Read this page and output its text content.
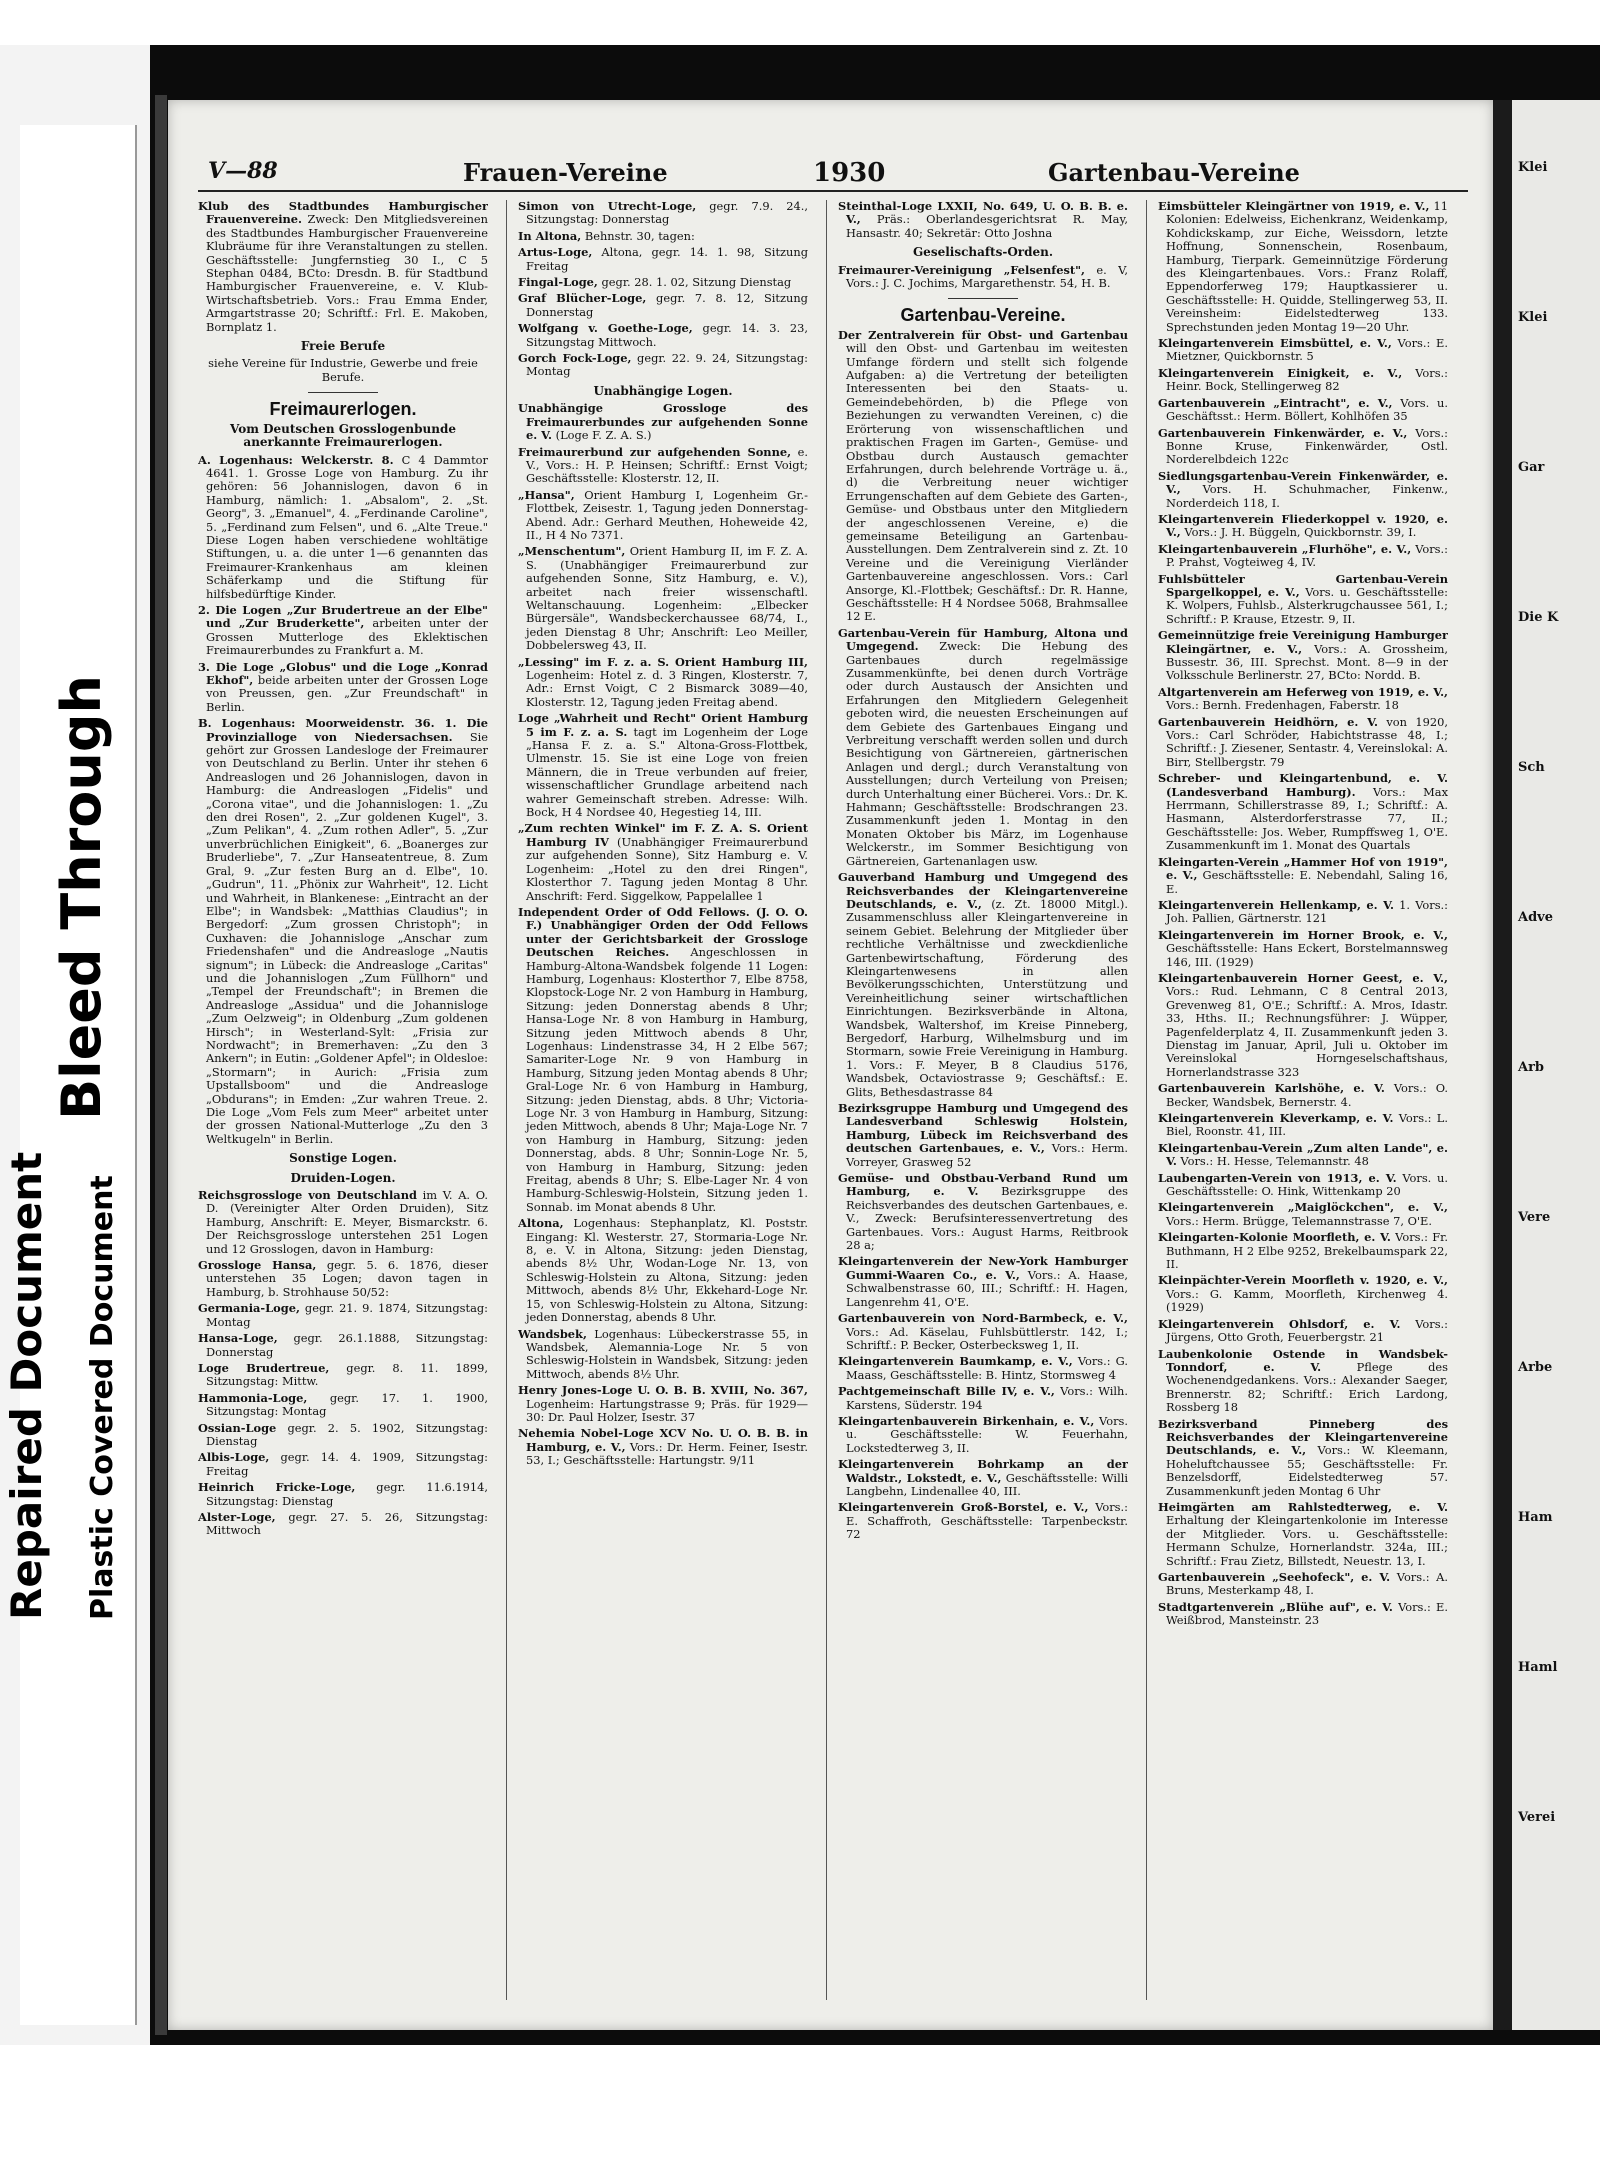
Bleed Through
Repaired Document Plastic Covered Document
Klei
Klei
Gar
Die K
Sch
Adve
Arb
Vere
Arbe
Ham
Haml
Verei
V—88	Frauen-Vereine	1930	Gartenbau-Vereine
Klub des Stadtbundes Hamburgischer Frauenvereine. Zweck: Den Mitgliedsvereinen des Stadtbundes Hamburgischer Frauenvereine Klubräume für ihre Veranstaltungen zu stellen. Geschäftsstelle: Jungfernstieg 30 I., C 5 Stephan 0484, BCto: Dresdn. B. für Stadtbund Hamburgischer Frauenvereine, e. V. Klub-Wirtschaftsbetrieb. Vors.: Frau Emma Ender, Armgartstrasse 20; Schriftf.: Frl. E. Makoben, Bornplatz 1.
Freie Berufe
siehe Vereine für Industrie, Gewerbe und freie Berufe.
Freimaurerlogen.
Vom Deutschen Grosslogenbunde anerkannte Freimaurerlogen.
A. Logenhaus: Welckerstr. 8. C 4 Dammtor 4641. 1. Grosse Loge von Hamburg. Zu ihr gehören: 56 Johannislogen, davon 6 in Hamburg, nämlich: 1. „Absalom", 2. „St. Georg", 3. „Emanuel", 4. „Ferdinande Caroline", 5. „Ferdinand zum Felsen", und 6. „Alte Treue." Diese Logen haben verschiedene wohltätige Stiftungen, u. a. die unter 1—6 genannten das Freimaurer-Krankenhaus am kleinen Schäferkamp und die Stiftung für hilfsbedürftige Kinder.
2. Die Logen „Zur Brudertreue an der Elbe" und „Zur Bruderkette", arbeiten unter der Grossen Mutterloge des Eklektischen Freimaurerbundes zu Frankfurt a. M.
3. Die Loge „Globus" und die Loge „Konrad Ekhof", beide arbeiten unter der Grossen Loge von Preussen, gen. „Zur Freundschaft" in Berlin.
B. Logenhaus: Moorweidenstr. 36. 1. Die Provinzialloge von Niedersachsen. Sie gehört zur Grossen Landesloge der Freimaurer von Deutschland zu Berlin. Unter ihr stehen 6 Andreaslogen und 26 Johannislogen, davon in Hamburg: die Andreaslogen „Fidelis" und „Corona vitae", und die Johannislogen: 1. „Zu den drei Rosen", 2. „Zur goldenen Kugel", 3. „Zum Pelikan", 4. „Zum rothen Adler", 5. „Zur unverbrüchlichen Einigkeit", 6. „Boanerges zur Bruderliebe", 7. „Zur Hanseatentreue, 8. Zum Gral, 9. „Zur festen Burg an d. Elbe", 10. „Gudrun", 11. „Phönix zur Wahrheit", 12. Licht und Wahrheit, in Blankenese: „Eintracht an der Elbe"; in Wandsbek: „Matthias Claudius"; in Bergedorf: „Zum grossen Christoph"; in Cuxhaven: die Johannisloge „Anschar zum Friedenshafen" und die Andreasloge „Nautis signum"; in Lübeck: die Andreasloge „Caritas" und die Johannislogen „Zum Füllhorn" und „Tempel der Freundschaft"; in Bremen die Andreasloge „Assidua" und die Johannisloge „Zum Oelzweig"; in Oldenburg „Zum goldenen Hirsch"; in Westerland-Sylt: „Frisia zur Nordwacht"; in Bremerhaven: „Zu den 3 Ankern"; in Eutin: „Goldener Apfel"; in Oldesloe: „Stormarn"; in Aurich: „Frisia zum Upstallsboom" und die Andreasloge „Obdurans"; in Emden: „Zur wahren Treue. 2. Die Loge „Vom Fels zum Meer" arbeitet unter der grossen National-Mutterloge „Zu den 3 Weltkugeln" in Berlin.
Sonstige Logen.
Druiden-Logen.
Reichsgrossloge von Deutschland im V. A. O. D. (Vereinigter Alter Orden Druiden), Sitz Hamburg, Anschrift: E. Meyer, Bismarckstr. 6. Der Reichsgrossloge unterstehen 251 Logen und 12 Grosslogen, davon in Hamburg:
Grossloge Hansa, gegr. 5. 6. 1876, dieser unterstehen 35 Logen; davon tagen in Hamburg, b. Strohhause 50/52:
Germania-Loge, gegr. 21. 9. 1874, Sitzungstag: Montag
Hansa-Loge, gegr. 26.1.1888, Sitzungstag: Donnerstag
Loge Brudertreue, gegr. 8. 11. 1899, Sitzungstag: Mittw.
Hammonia-Loge, gegr. 17. 1. 1900, Sitzungstag: Montag
Ossian-Loge gegr. 2. 5. 1902, Sitzungstag: Dienstag
Albis-Loge, gegr. 14. 4. 1909, Sitzungstag: Freitag
Heinrich Fricke-Loge, gegr. 11.6.1914, Sitzungstag: Dienstag
Alster-Loge, gegr. 27. 5. 26, Sitzungstag: Mittwoch
Simon von Utrecht-Loge, gegr. 7.9. 24., Sitzungstag: Donnerstag
In Altona, Behnstr. 30, tagen:
Artus-Loge, Altona, gegr. 14. 1. 98, Sitzung Freitag
Fingal-Loge, gegr. 28. 1. 02, Sitzung Dienstag
Graf Blücher-Loge, gegr. 7. 8. 12, Sitzung Donnerstag
Wolfgang v. Goethe-Loge, gegr. 14. 3. 23, Sitzungstag Mittwoch.
Gorch Fock-Loge, gegr. 22. 9. 24, Sitzungstag: Montag
Unabhängige Logen.
Unabhängige Grossloge des Freimaurerbundes zur aufgehenden Sonne e. V. (Loge F. Z. A. S.)
Freimaurerbund zur aufgehenden Sonne, e. V., Vors.: H. P. Heinsen; Schriftf.: Ernst Voigt; Geschäftsstelle: Klosterstr. 12, II.
„Hansa", Orient Hamburg I, Logenheim Gr.-Flottbek, Zeisestr. 1, Tagung jeden Donnerstag-Abend. Adr.: Gerhard Meuthen, Hoheweide 42, II., H 4 No 7371.
„Menschentum", Orient Hamburg II, im F. Z. A. S. (Unabhängiger Freimaurerbund zur aufgehenden Sonne, Sitz Hamburg, e. V.), arbeitet nach freier wissenschaftl. Weltanschauung. Logenheim: „Elbecker Bürgersäle", Wandsbeckerchaussee 68/74, I., jeden Dienstag 8 Uhr; Anschrift: Leo Meiller, Dobbelersweg 43, II.
„Lessing" im F. z. a. S. Orient Hamburg III, Logenheim: Hotel z. d. 3 Ringen, Klosterstr. 7, Adr.: Ernst Voigt, C 2 Bismarck 3089—40, Klosterstr. 12, Tagung jeden Freitag abend.
Loge „Wahrheit und Recht" Orient Hamburg 5 im F. z. a. S. tagt im Logenheim der Loge „Hansa F. z. a. S." Altona-Gross-Flottbek, Ulmenstr. 15. Sie ist eine Loge von freien Männern, die in Treue verbunden auf freier, wissenschaftlicher Grundlage arbeitend nach wahrer Gemeinschaft streben. Adresse: Wilh. Bock, H 4 Nordsee 40, Hegestieg 14, III.
„Zum rechten Winkel" im F. Z. A. S. Orient Hamburg IV (Unabhängiger Freimaurerbund zur aufgehenden Sonne), Sitz Hamburg e. V. Logenheim: „Hotel zu den drei Ringen", Klosterthor 7. Tagung jeden Montag 8 Uhr. Anschrift: Ferd. Siggelkow, Pappelallee 1
Independent Order of Odd Fellows. (J. O. O. F.) Unabhängiger Orden der Odd Fellows unter der Gerichtsbarkeit der Grossloge Deutschen Reiches. Angeschlossen in Hamburg-Altona-Wandsbek folgende 11 Logen: Hamburg, Logenhaus: Klosterthor 7, Elbe 8758, Klopstock-Loge Nr. 2 von Hamburg in Hamburg, Sitzung: jeden Donnerstag abends 8 Uhr; Hansa-Loge Nr. 8 von Hamburg in Hamburg, Sitzung jeden Mittwoch abends 8 Uhr, Logenhaus: Lindenstrasse 34, H 2 Elbe 567; Samariter-Loge Nr. 9 von Hamburg in Hamburg, Sitzung jeden Montag abends 8 Uhr; Gral-Loge Nr. 6 von Hamburg in Hamburg, Sitzung: jeden Dienstag, abds. 8 Uhr; Victoria-Loge Nr. 3 von Hamburg in Hamburg, Sitzung: jeden Mittwoch, abends 8 Uhr; Maja-Loge Nr. 7 von Hamburg in Hamburg, Sitzung: jeden Donnerstag, abds. 8 Uhr; Sonnin-Loge Nr. 5, von Hamburg in Hamburg, Sitzung: jeden Freitag, abends 8 Uhr; S. Elbe-Lager Nr. 4 von Hamburg-Schleswig-Holstein, Sitzung jeden 1. Sonnab. im Monat abends 8 Uhr.
Altona, Logenhaus: Stephanplatz, Kl. Poststr. Eingang: Kl. Westerstr. 27, Stormaria-Loge Nr. 8, e. V. in Altona, Sitzung: jeden Dienstag, abends 8½ Uhr, Wodan-Loge Nr. 13, von Schleswig-Holstein zu Altona, Sitzung: jeden Mittwoch, abends 8½ Uhr, Ekkehard-Loge Nr. 15, von Schleswig-Holstein zu Altona, Sitzung: jeden Donnerstag, abends 8 Uhr.
Wandsbek, Logenhaus: Lübeckerstrasse 55, in Wandsbek, Alemannia-Loge Nr. 5 von Schleswig-Holstein in Wandsbek, Sitzung: jeden Mittwoch, abends 8½ Uhr.
Henry Jones-Loge U. O. B. B. XVIII, No. 367, Logenheim: Hartungstrasse 9; Präs. für 1929—30: Dr. Paul Holzer, Isestr. 37
Nehemia Nobel-Loge XCV No. U. O. B. B. in Hamburg, e. V., Vors.: Dr. Herm. Feiner, Isestr. 53, I.; Geschäftsstelle: Hartungstr. 9/11
Steinthal-Loge LXXII, No. 649, U. O. B. B. e. V., Präs.: Oberlandesgerichtsrat R. May, Hansastr. 40; Sekretär: Otto Joshna
Geselischafts-Orden.
Freimaurer-Vereinigung „Felsenfest", e. V, Vors.: J. C. Jochims, Margarethenstr. 54, H. B.
Gartenbau-Vereine.
Der Zentralverein für Obst- und Gartenbau will den Obst- und Gartenbau im weitesten Umfange fördern und stellt sich folgende Aufgaben: a) die Vertretung der beteiligten Interessenten bei den Staats- u. Gemeindebehörden, b) die Pflege von Beziehungen zu verwandten Vereinen, c) die Erörterung von wissenschaftlichen und praktischen Fragen im Garten-, Gemüse- und Obstbau durch Austausch gemachter Erfahrungen, durch belehrende Vorträge u. ä., d) die Verbreitung neuer wichtiger Errungenschaften auf dem Gebiete des Garten-, Gemüse- und Obstbaus unter den Mitgliedern der angeschlossenen Vereine, e) die gemeinsame Beteiligung an Gartenbau-Ausstellungen. Dem Zentralverein sind z. Zt. 10 Vereine und die Vereinigung Vierländer Gartenbauvereine angeschlossen. Vors.: Carl Ansorge, Kl.-Flottbek; Geschäftsf.: Dr. R. Hanne, Geschäftsstelle: H 4 Nordsee 5068, Brahmsallee 12 E.
Gartenbau-Verein für Hamburg, Altona und Umgegend. Zweck: Die Hebung des Gartenbaues durch regelmässige Zusammenkünfte, bei denen durch Vorträge oder durch Austausch der Ansichten und Erfahrungen den Mitgliedern Gelegenheit geboten wird, die neuesten Erscheinungen auf dem Gebiete des Gartenbaues Eingang und Verbreitung verschafft werden sollen und durch Besichtigung von Gärtnereien, gärtnerischen Anlagen und dergl.; durch Veranstaltung von Ausstellungen; durch Verteilung von Preisen; durch Unterhaltung einer Bücherei. Vors.: Dr. K. Hahmann; Geschäftsstelle: Brodschrangen 23. Zusammenkunft jeden 1. Montag in den Monaten Oktober bis März, im Logenhause Welckerstr., im Sommer Besichtigung von Gärtnereien, Gartenanlagen usw.
Gauverband Hamburg und Umgegend des Reichsverbandes der Kleingartenvereine Deutschlands, e. V., (z. Zt. 18000 Mitgl.). Zusammenschluss aller Kleingartenvereine in seinem Gebiet. Belehrung der Mitglieder über rechtliche Verhältnisse und zweckdienliche Gartenbewirtschaftung, Förderung des Kleingartenwesens in allen Bevölkerungsschichten, Unterstützung und Vereinheitlichung seiner wirtschaftlichen Einrichtungen. Bezirksverbände in Altona, Wandsbek, Waltershof, im Kreise Pinneberg, Bergedorf, Harburg, Wilhelmsburg und im Stormarn, sowie Freie Vereinigung in Hamburg. 1. Vors.: F. Meyer, B 8 Claudius 5176, Wandsbek, Octaviostrasse 9; Geschäftsf.: E. Glits, Bethesdastrasse 84
Bezirksgruppe Hamburg und Umgegend des Landesverband Schleswig Holstein, Hamburg, Lübeck im Reichsverband des deutschen Gartenbaues, e. V., Vors.: Herm. Vorreyer, Grasweg 52
Gemüse- und Obstbau-Verband Rund um Hamburg, e. V. Bezirksgruppe des Reichsverbandes des deutschen Gartenbaues, e. V., Zweck: Berufsinteressenvertretung des Gartenbaues. Vors.: August Harms, Reitbrook 28 a;
Kleingartenverein der New-York Hamburger Gummi-Waaren Co., e. V., Vors.: A. Haase, Schwalbenstrasse 60, III.; Schriftf.: H. Hagen, Langenrehm 41, O'E.
Gartenbauverein von Nord-Barmbeck, e. V., Vors.: Ad. Käselau, Fuhlsbüttlerstr. 142, I.; Schriftf.: P. Becker, Osterbecksweg 1, II.
Kleingartenverein Baumkamp, e. V., Vors.: G. Maass, Geschäftsstelle: B. Hintz, Stormsweg 4
Pachtgemeinschaft Bille IV, e. V., Vors.: Wilh. Karstens, Süderstr. 194
Kleingartenbauverein Birkenhain, e. V., Vors. u. Geschäftsstelle: W. Feuerhahn, Lockstedterweg 3, II.
Kleingartenverein Bohrkamp an der Waldstr., Lokstedt, e. V., Geschäftsstelle: Willi Langbehn, Lindenallee 40, III.
Kleingartenverein Groß-Borstel, e. V., Vors.: E. Schaffroth, Geschäftsstelle: Tarpenbeckstr. 72
Eimsbütteler Kleingärtner von 1919, e. V., 11 Kolonien: Edelweiss, Eichenkranz, Weidenkamp, Kohdickskamp, zur Eiche, Weissdorn, letzte Hoffnung, Sonnenschein, Rosenbaum, Hamburg, Tierpark. Gemeinnützige Förderung des Kleingartenbaues. Vors.: Franz Rolaff, Eppendorferweg 179; Hauptkassierer u. Geschäftsstelle: H. Quidde, Stellingerweg 53, II. Vereinsheim: Eidelstedterweg 133. Sprechstunden jeden Montag 19—20 Uhr.
Kleingartenverein Eimsbüttel, e. V., Vors.: E. Mietzner, Quickbornstr. 5
Kleingartenverein Einigkeit, e. V., Vors.: Heinr. Bock, Stellingerweg 82
Gartenbauverein „Eintracht", e. V., Vors. u. Geschäftsst.: Herm. Böllert, Kohlhöfen 35
Gartenbauverein Finkenwärder, e. V., Vors.: Bonne Kruse, Finkenwärder, Ostl. Norderelbdeich 122c
Siedlungsgartenbau-Verein Finkenwärder, e. V., Vors. H. Schuhmacher, Finkenw., Norderdeich 118, I.
Kleingartenverein Fliederkoppel v. 1920, e. V., Vors.: J. H. Büggeln, Quickbornstr. 39, I.
Kleingartenbauverein „Flurhöhe", e. V., Vors.: P. Prahst, Vogteiweg 4, IV.
Fuhlsbütteler Gartenbau-Verein Spargelkoppel, e. V., Vors. u. Geschäftsstelle: K. Wolpers, Fuhlsb., Alsterkrugchaussee 561, I.; Schriftf.: P. Krause, Etzestr. 9, II.
Gemeinnützige freie Vereinigung Hamburger Kleingärtner, e. V., Vors.: A. Grossheim, Bussestr. 36, III. Sprechst. Mont. 8—9 in der Volksschule Berlinerstr. 27, BCto: Nordd. B.
Altgartenverein am Heferweg von 1919, e. V., Vors.: Bernh. Fredenhagen, Faberstr. 18
Gartenbauverein Heidhörn, e. V. von 1920, Vors.: Carl Schröder, Habichtstrasse 48, I.; Schriftf.: J. Ziesener, Sentastr. 4, Vereinslokal: A. Birr, Stellbergstr. 79
Schreber- und Kleingartenbund, e. V. (Landesverband Hamburg). Vors.: Max Herrmann, Schillerstrasse 89, I.; Schriftf.: A. Hasmann, Alsterdorferstrasse 77, II.; Geschäftsstelle: Jos. Weber, Rumpffsweg 1, O'E. Zusammenkunft im 1. Monat des Quartals
Kleingarten-Verein „Hammer Hof von 1919", e. V., Geschäftsstelle: E. Nebendahl, Saling 16, E.
Kleingartenverein Hellenkamp, e. V. 1. Vors.: Joh. Pallien, Gärtnerstr. 121
Kleingartenverein im Horner Brook, e. V., Geschäftsstelle: Hans Eckert, Borstelmannsweg 146, III. (1929)
Kleingartenbauverein Horner Geest, e. V., Vors.: Rud. Lehmann, C 8 Central 2013, Grevenweg 81, O'E.; Schriftf.: A. Mros, Idastr. 33, Hths. II.; Rechnungsführer: J. Wüpper, Pagenfelderplatz 4, II. Zusammenkunft jeden 3. Dienstag im Januar, April, Juli u. Oktober im Vereinslokal Horngeselschaftshaus, Hornerlandstrasse 323
Gartenbauverein Karlshöhe, e. V. Vors.: O. Becker, Wandsbek, Bernerstr. 4.
Kleingartenverein Kleverkamp, e. V. Vors.: L. Biel, Roonstr. 41, III.
Kleingartenbau-Verein „Zum alten Lande", e. V. Vors.: H. Hesse, Telemannstr. 48
Laubengarten-Verein von 1913, e. V. Vors. u. Geschäftsstelle: O. Hink, Wittenkamp 20
Kleingartenverein „Maiglöckchen", e. V., Vors.: Herm. Brügge, Telemannstrasse 7, O'E.
Kleingarten-Kolonie Moorfleth, e. V. Vors.: Fr. Buthmann, H 2 Elbe 9252, Brekelbaumspark 22, II.
Kleinpächter-Verein Moorfleth v. 1920, e. V., Vors.: G. Kamm, Moorfleth, Kirchenweg 4. (1929)
Kleingartenverein Ohlsdorf, e. V. Vors.: Jürgens, Otto Groth, Feuerbergstr. 21
Laubenkolonie Ostende in Wandsbek-Tonndorf, e. V. Pflege des Wochenendgedankens. Vors.: Alexander Saeger, Brennerstr. 82; Schriftf.: Erich Lardong, Rossberg 18
Bezirksverband Pinneberg des Reichsverbandes der Kleingartenvereine Deutschlands, e. V., Vors.: W. Kleemann, Hoheluftchaussee 55; Geschäftsstelle: Fr. Benzelsdorff, Eidelstedterweg 57. Zusammenkunft jeden Montag 6 Uhr
Heimgärten am Rahlstedterweg, e. V. Erhaltung der Kleingartenkolonie im Interesse der Mitglieder. Vors. u. Geschäftsstelle: Hermann Schulze, Hornerlandstr. 324a, III.; Schriftf.: Frau Zietz, Billstedt, Neuestr. 13, I.
Gartenbauverein „Seehofeck", e. V. Vors.: A. Bruns, Mesterkamp 48, I.
Stadtgartenverein „Blühe auf", e. V. Vors.: E. Weißbrod, Mansteinstr. 23
